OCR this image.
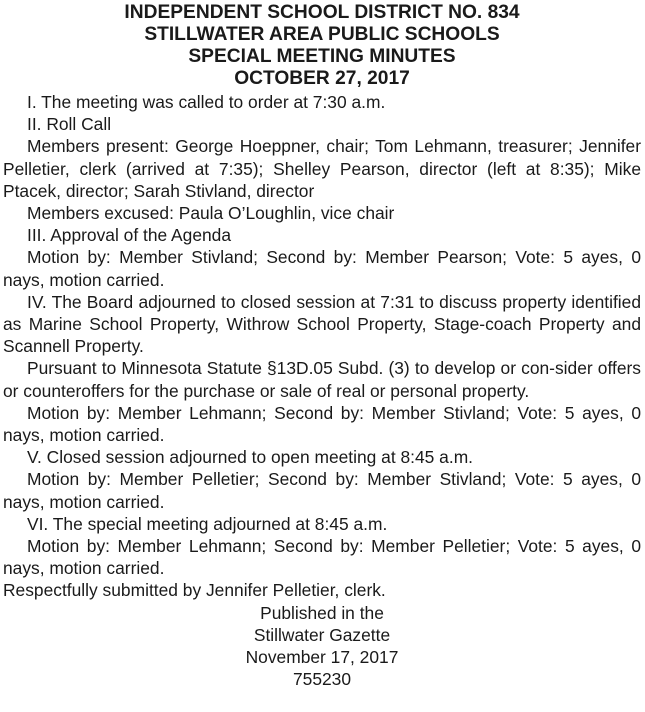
INDEPENDENT SCHOOL DISTRICT NO. 834
STILLWATER AREA PUBLIC SCHOOLS
SPECIAL MEETING MINUTES
OCTOBER 27, 2017

I. The meeting was called to order at 7:30 a.m.

II. Roll Call

Members present: George Hoeppner, chair; Tom Lehmann, treasurer; Jennifer Pelletier, clerk (arrived at 7:35); Shelley Pearson, director (left at 8:35); Mike Ptacek, director; Sarah Stivland, director

Members excused: Paula O’Loughlin, vice chair

III. Approval of the Agenda

Motion by: Member Stivland; Second by: Member Pearson; Vote: 5 ayes, 0 nays, motion carried.

IV. The Board adjourned to closed session at 7:31 to discuss property identified as Marine School Property, Withrow School Property, Stage-coach Property and Scannell Property.

Pursuant to Minnesota Statute §13D.05 Subd. (3) to develop or con-sider offers or counteroffers for the purchase or sale of real or personal property.

Motion by: Member Lehmann; Second by: Member Stivland; Vote: 5 ayes, 0 nays, motion carried.

V. Closed session adjourned to open meeting at 8:45 a.m.

Motion by: Member Pelletier; Second by: Member Stivland; Vote: 5 ayes, 0 nays, motion carried.

VI. The special meeting adjourned at 8:45 a.m.

Motion by: Member Lehmann; Second by: Member Pelletier; Vote: 5 ayes, 0 nays, motion carried.

Respectfully submitted by Jennifer Pelletier, clerk.

Published in the

Stillwater Gazette

November 17, 2017

755230
